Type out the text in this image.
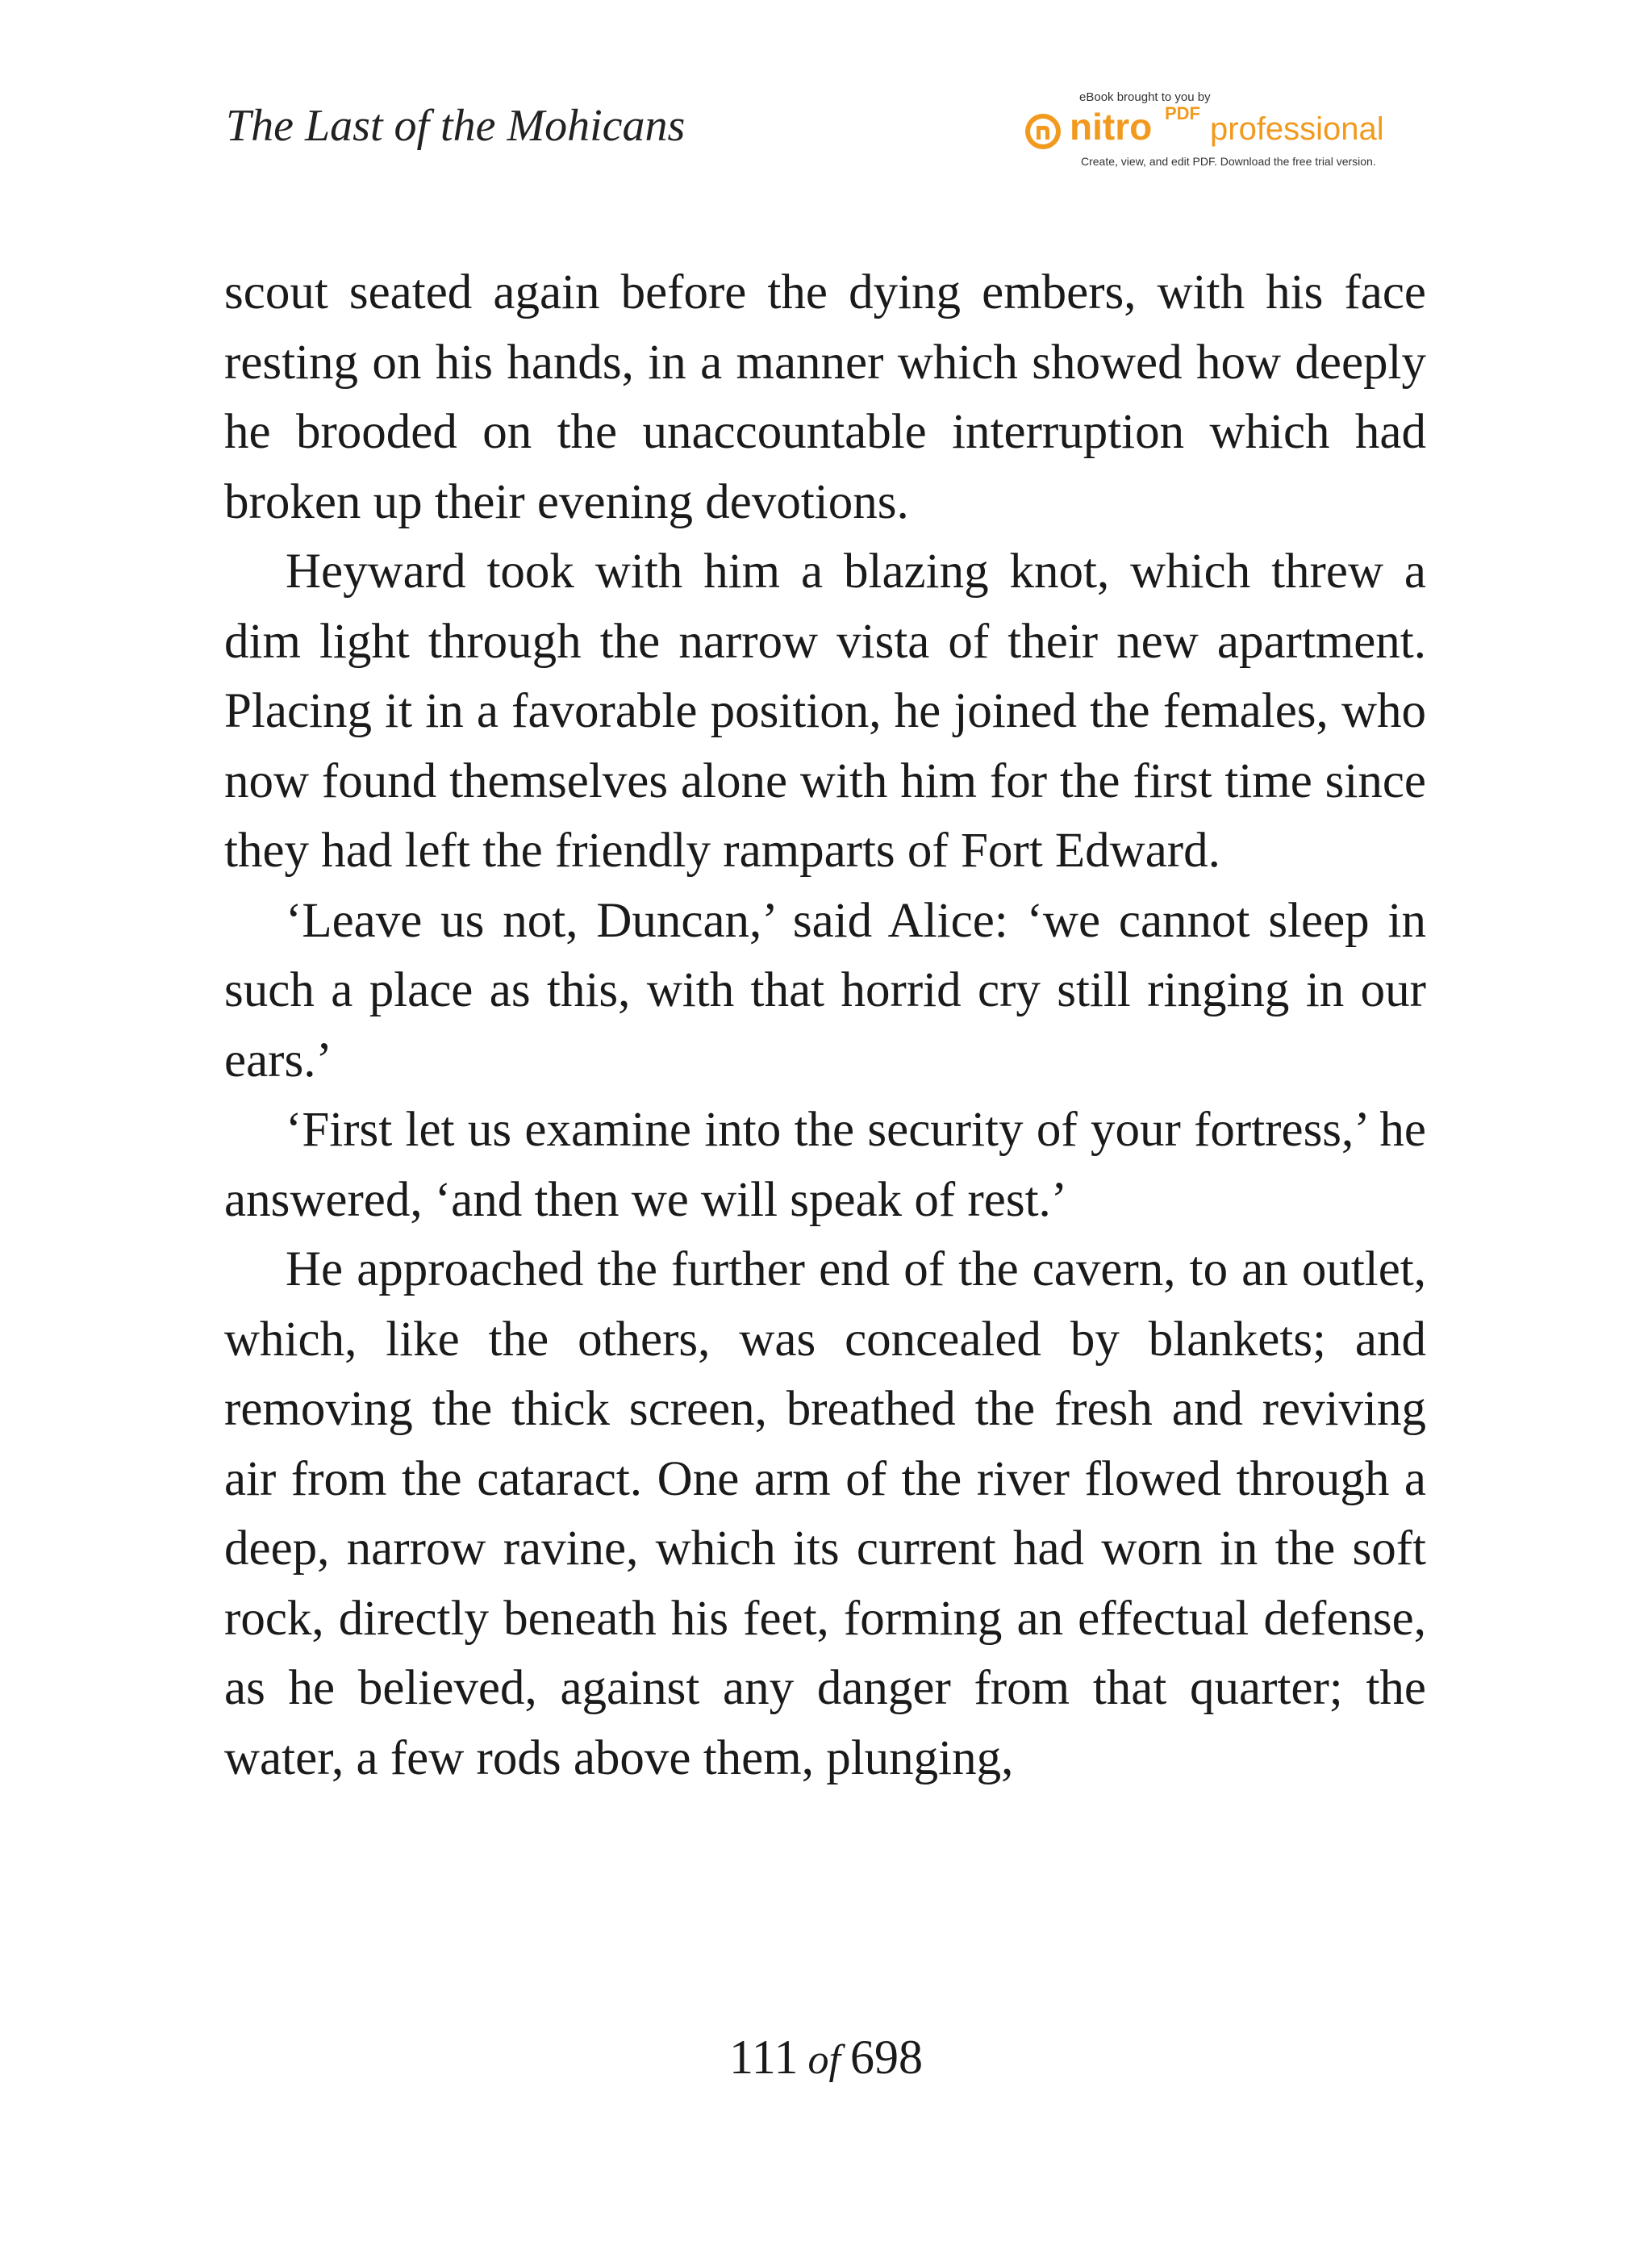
The Last of the Mohicans
eBook brought to you by
nitro PDF professional
Create, view, and edit PDF. Download the free trial version.

scout seated again before the dying embers, with his face resting on his hands, in a manner which showed how deeply he brooded on the unaccountable interruption which had broken up their evening devotions.

Heyward took with him a blazing knot, which threw a dim light through the narrow vista of their new apartment. Placing it in a favorable position, he joined the females, who now found themselves alone with him for the first time since they had left the friendly ramparts of Fort Edward.

‘Leave us not, Duncan,’ said Alice: ‘we cannot sleep in such a place as this, with that horrid cry still ringing in our ears.’

‘First let us examine into the security of your fortress,’ he answered, ‘and then we will speak of rest.’

He approached the further end of the cavern, to an outlet, which, like the others, was concealed by blankets; and removing the thick screen, breathed the fresh and reviving air from the cataract. One arm of the river flowed through a deep, narrow ravine, which its current had worn in the soft rock, directly beneath his feet, forming an effectual defense, as he believed, against any danger from that quarter; the water, a few rods above them, plunging,

111 of 698
